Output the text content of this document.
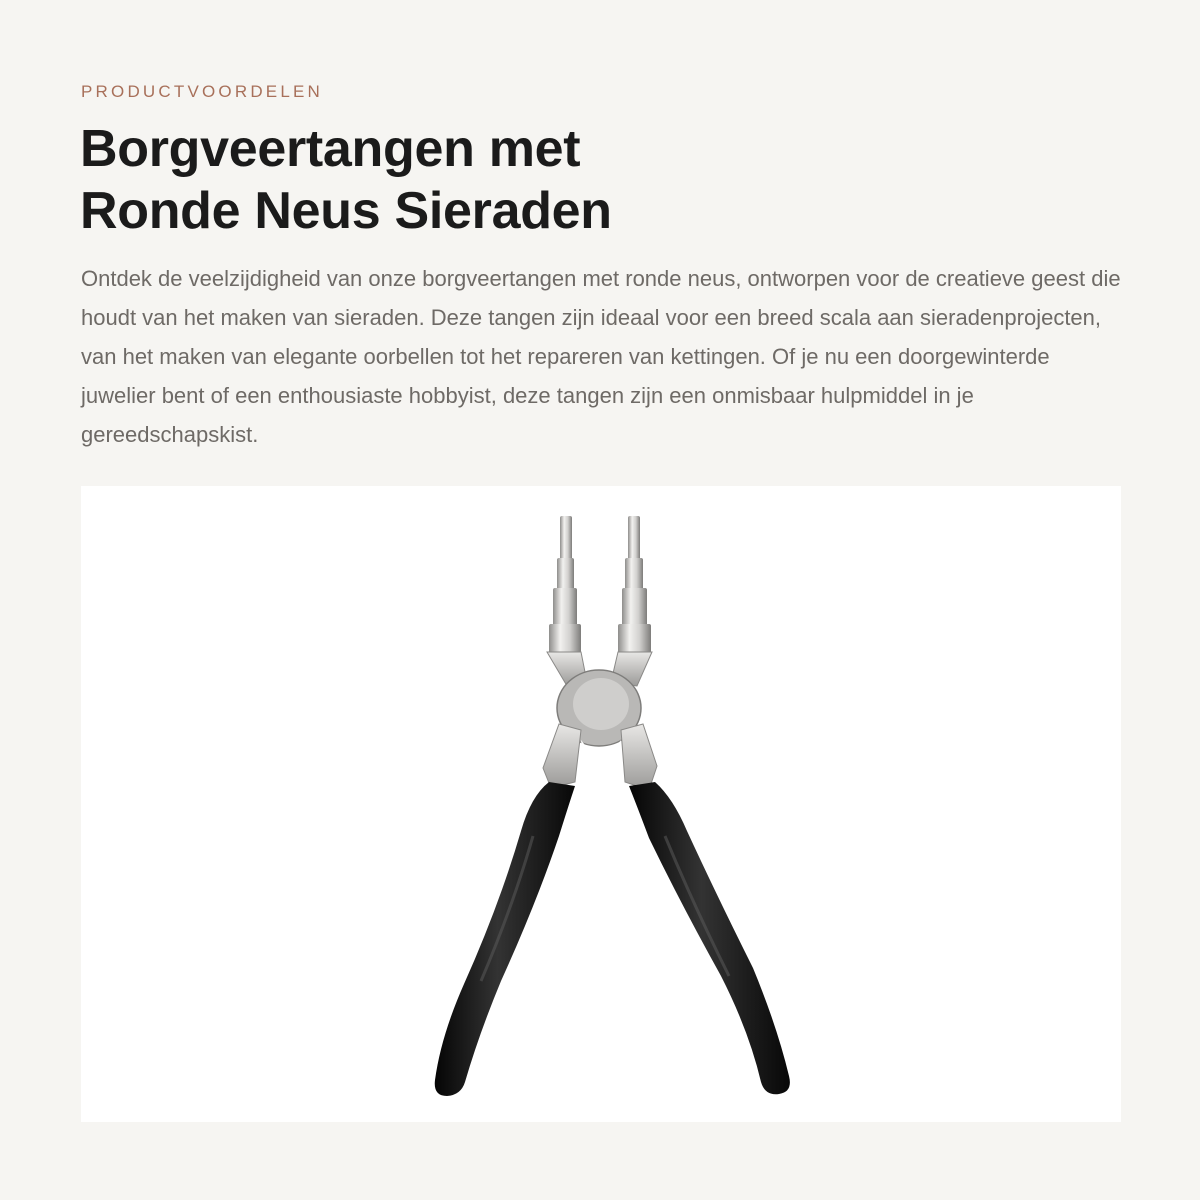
PRODUCTVOORDELEN
Borgveertangen met
Ronde Neus Sieraden

Ontdek de veelzijdigheid van onze borgveertangen met ronde neus, ontworpen voor de creatieve geest die houdt van het maken van sieraden. Deze tangen zijn ideaal voor een breed scala aan sieradenprojecten, van het maken van elegante oorbellen tot het repareren van kettingen. Of je nu een doorgewinterde juwelier bent of een enthousiaste hobbyist, deze tangen zijn een onmisbaar hulpmiddel in je gereedschapskist.
